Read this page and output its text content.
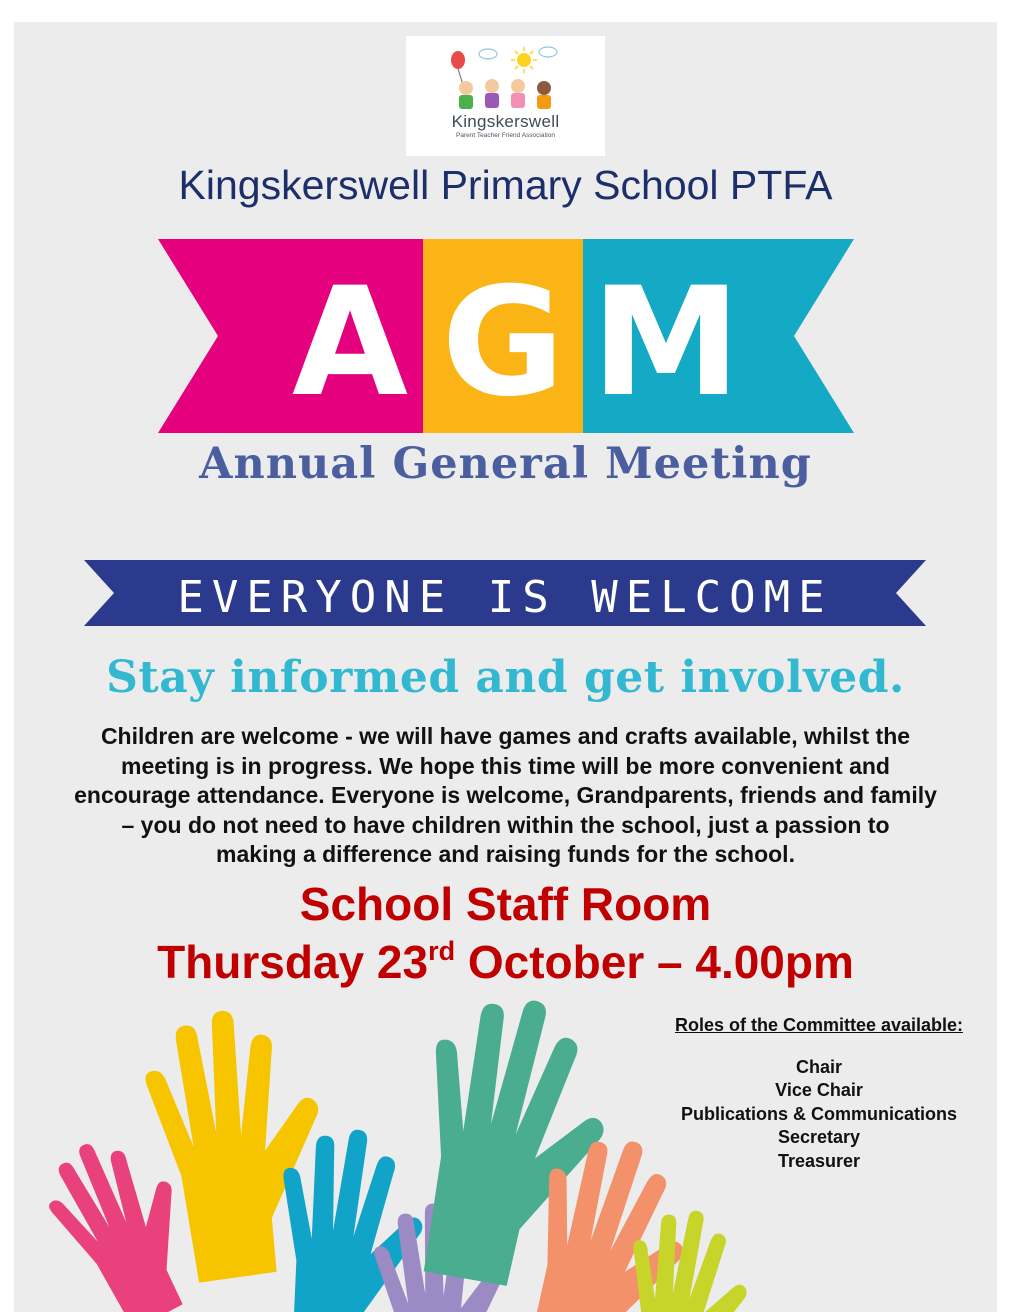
Kingskerswell
Parent Teacher Friend Association
Kingskerswell Primary School PTFA
A G M
Annual General Meeting
EVERYONE IS WELCOME
Stay informed and get involved.
Children are welcome - we will have games and crafts available, whilst the
meeting is in progress. We hope this time will be more convenient and
encourage attendance. Everyone is welcome, Grandparents, friends and family
– you do not need to have children within the school, just a passion to
making a difference and raising funds for the school.
School Staff Room
Thursday 23rd October – 4.00pm
Roles of the Committee available:
Chair
Vice Chair
Publications & Communications
Secretary
Treasurer
